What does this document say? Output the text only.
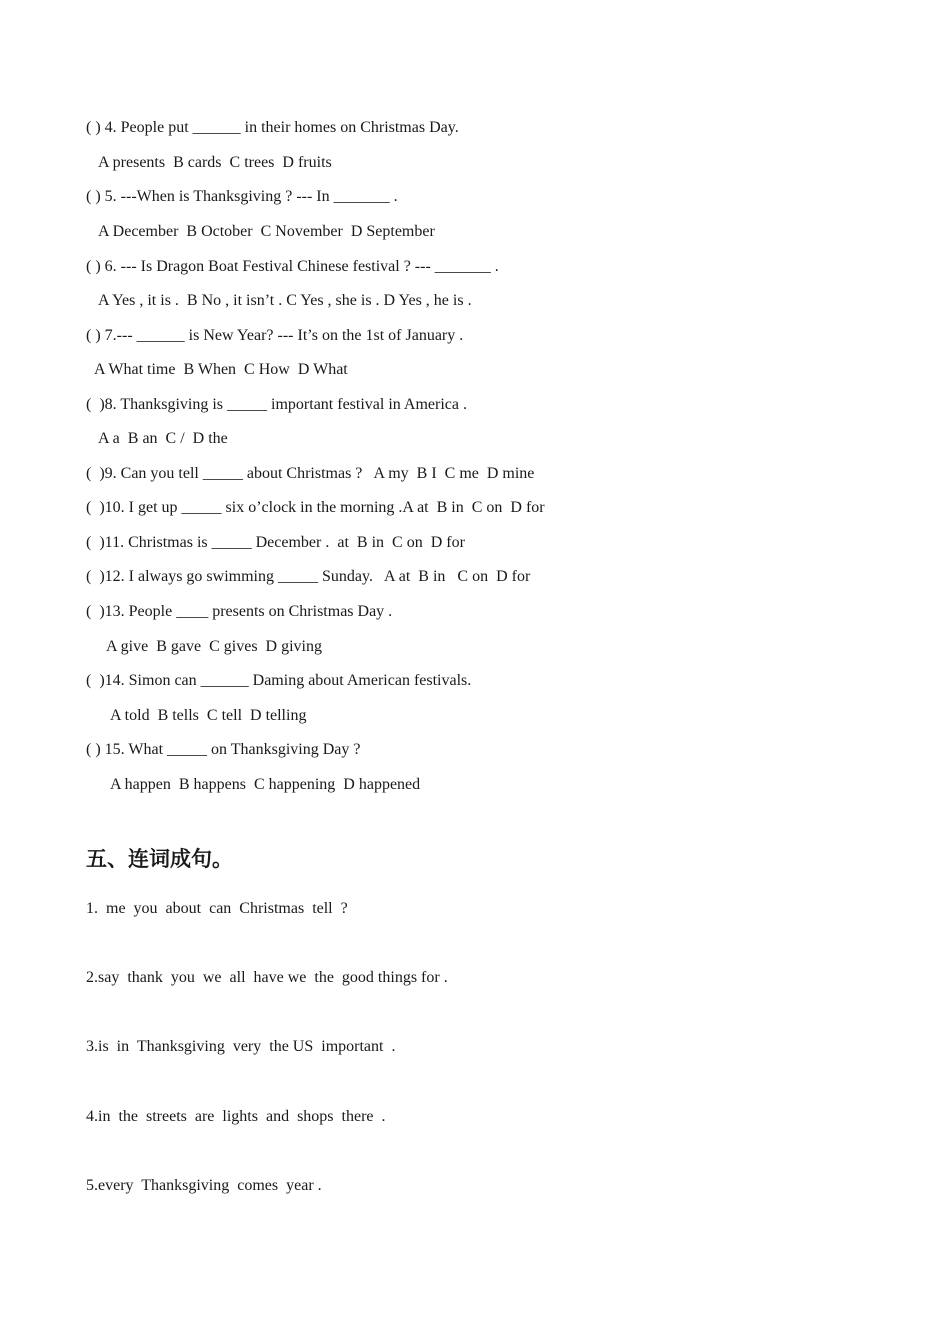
( ) 4. People put ______ in their homes on Christmas Day.
A presents  B cards  C trees  D fruits
( ) 5. ---When is Thanksgiving ? --- In _______ .
A December  B October  C November  D September
( ) 6. --- Is Dragon Boat Festival Chinese festival ? --- _______ .
A Yes , it is .  B No , it isn’t . C Yes , she is . D Yes , he is .
( ) 7.--- ______ is New Year? --- It’s on the 1st of January .
A What time  B When  C How  D What
(  )8. Thanksgiving is _____ important festival in America .
A a  B an  C /  D the
(  )9. Can you tell _____ about Christmas ?   A my  B I  C me  D mine
(  )10. I get up _____ six o’clock in the morning .A at  B in  C on  D for
(  )11. Christmas is _____ December .  at  B in  C on  D for
(  )12. I always go swimming _____ Sunday.   A at  B in   C on  D for
(  )13. People ____ presents on Christmas Day .
A give  B gave  C gives  D giving
(  )14. Simon can ______ Daming about American festivals.
A told  B tells  C tell  D telling
( ) 15. What _____ on Thanksgiving Day ?
A happen  B happens  C happening  D happened
五、连词成句。
1.  me  you  about  can  Christmas  tell  ?
2.say  thank  you  we  all  have we  the  good things for .
3.is  in  Thanksgiving  very  the US  important  .
4.in  the  streets  are  lights  and  shops  there  .
5.every  Thanksgiving  comes  year .
